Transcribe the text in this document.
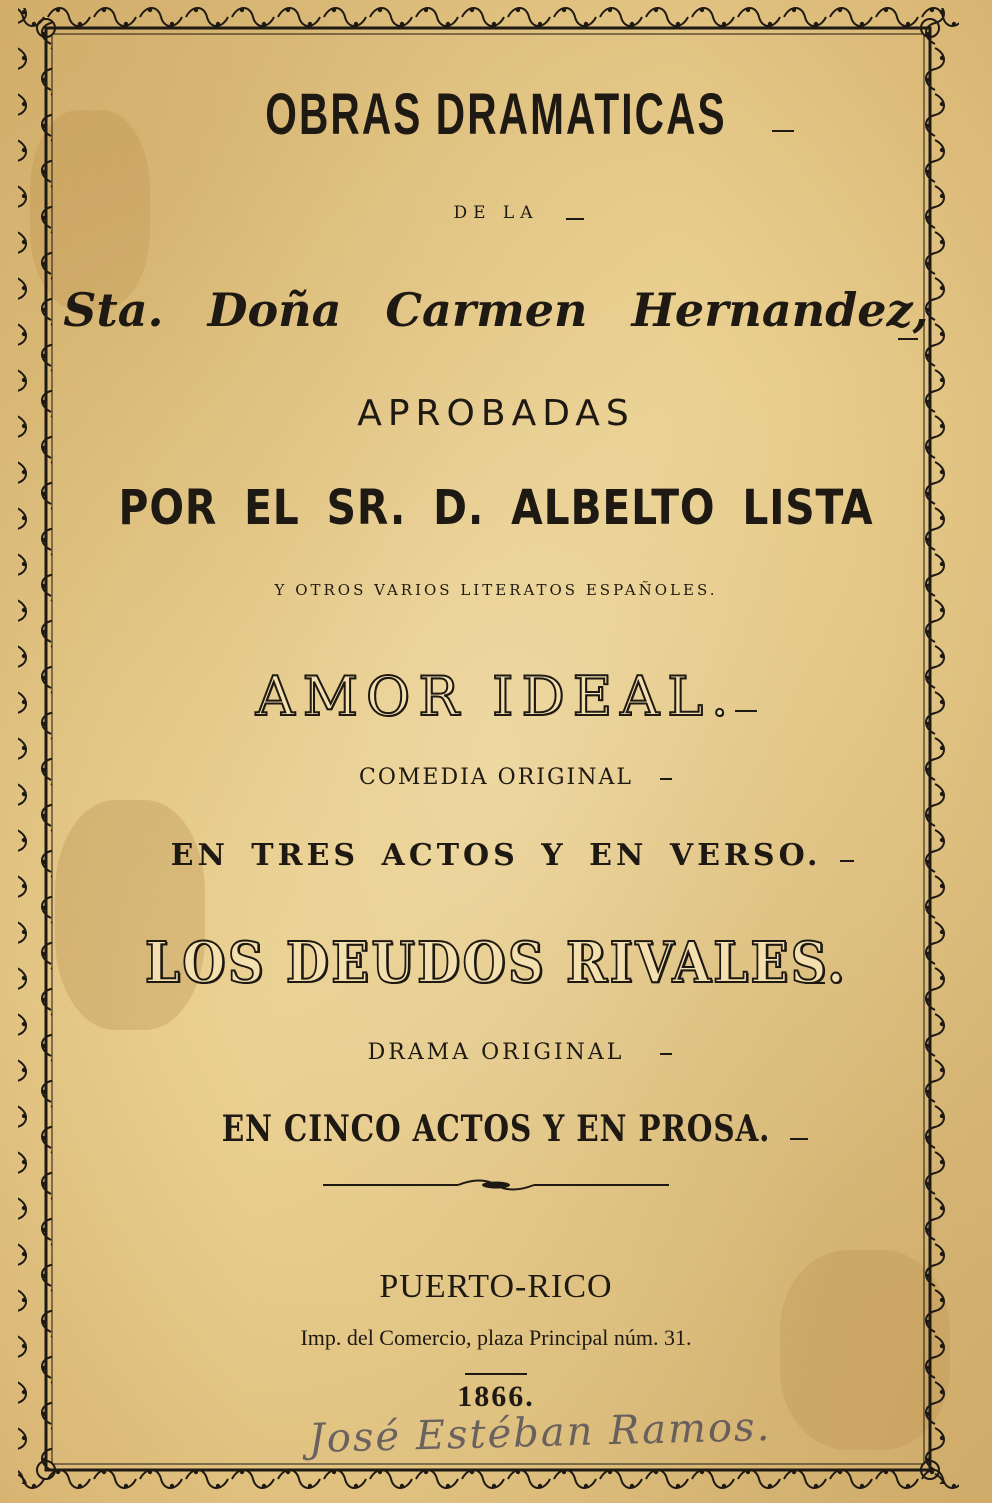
OBRAS DRAMATICAS
DE LA
Sta. Doña Carmen Hernandez,
APROBADAS
POR EL SR. D. ALBELTO LISTA
Y OTROS VARIOS LITERATOS ESPAÑOLES.
AMOR IDEAL.
COMEDIA ORIGINAL
EN TRES ACTOS Y EN VERSO.
LOS DEUDOS RIVALES.
DRAMA ORIGINAL
EN CINCO ACTOS Y EN PROSA.
PUERTO-RICO
Imp. del Comercio, plaza Principal núm. 31.
1866.
José Estéban Ramos.
